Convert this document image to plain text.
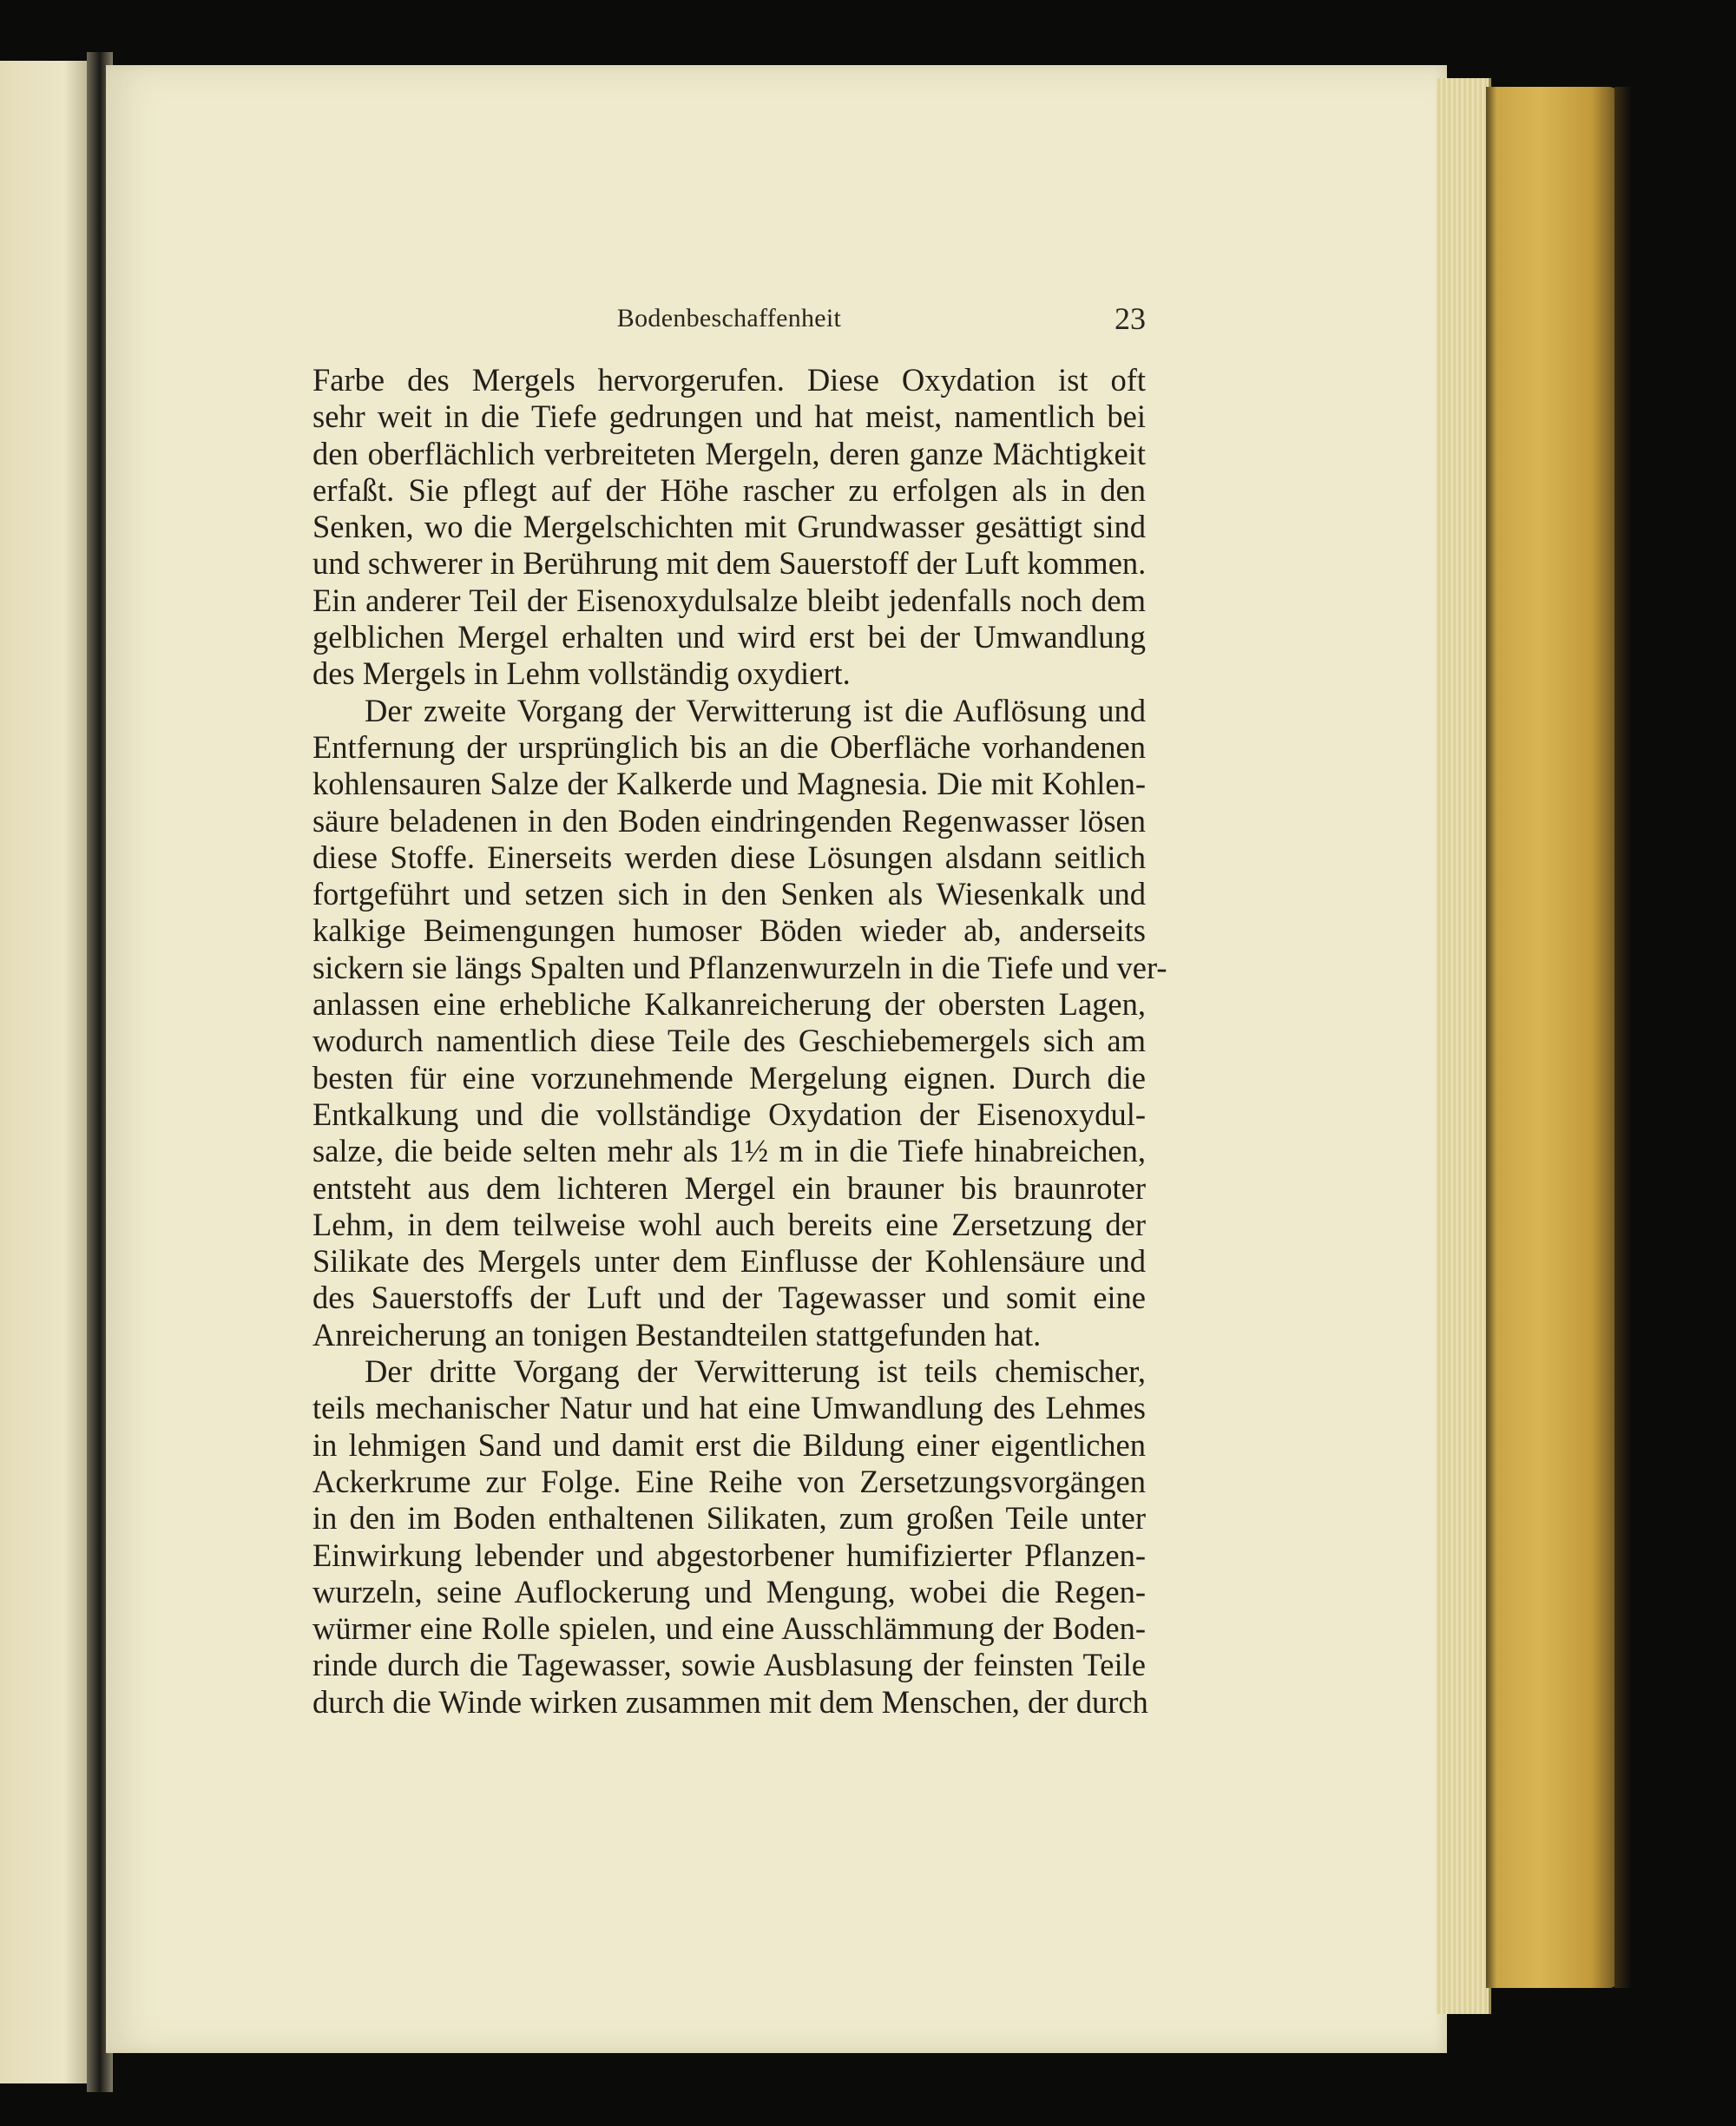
Bodenbeschaffenheit	23
Farbe des Mergels hervorgerufen. Diese Oxydation ist oft
sehr weit in die Tiefe gedrungen und hat meist, namentlich bei
den oberflächlich verbreiteten Mergeln, deren ganze Mächtigkeit
erfaßt. Sie pflegt auf der Höhe rascher zu erfolgen als in den
Senken, wo die Mergelschichten mit Grundwasser gesättigt sind
und schwerer in Berührung mit dem Sauerstoff der Luft kommen.
Ein anderer Teil der Eisenoxydulsalze bleibt jedenfalls noch dem
gelblichen Mergel erhalten und wird erst bei der Umwandlung
des Mergels in Lehm vollständig oxydiert.
Der zweite Vorgang der Verwitterung ist die Auflösung und
Entfernung der ursprünglich bis an die Oberfläche vorhandenen
kohlensauren Salze der Kalkerde und Magnesia. Die mit Kohlen-
säure beladenen in den Boden eindringenden Regenwasser lösen
diese Stoffe. Einerseits werden diese Lösungen alsdann seitlich
fortgeführt und setzen sich in den Senken als Wiesenkalk und
kalkige Beimengungen humoser Böden wieder ab, anderseits
sickern sie längs Spalten und Pflanzenwurzeln in die Tiefe und ver-
anlassen eine erhebliche Kalkanreicherung der obersten Lagen,
wodurch namentlich diese Teile des Geschiebemergels sich am
besten für eine vorzunehmende Mergelung eignen. Durch die
Entkalkung und die vollständige Oxydation der Eisenoxydul-
salze, die beide selten mehr als 1½ m in die Tiefe hinabreichen,
entsteht aus dem lichteren Mergel ein brauner bis braunroter
Lehm, in dem teilweise wohl auch bereits eine Zersetzung der
Silikate des Mergels unter dem Einflusse der Kohlensäure und
des Sauerstoffs der Luft und der Tagewasser und somit eine
Anreicherung an tonigen Bestandteilen stattgefunden hat.
Der dritte Vorgang der Verwitterung ist teils chemischer,
teils mechanischer Natur und hat eine Umwandlung des Lehmes
in lehmigen Sand und damit erst die Bildung einer eigentlichen
Ackerkrume zur Folge. Eine Reihe von Zersetzungsvorgängen
in den im Boden enthaltenen Silikaten, zum großen Teile unter
Einwirkung lebender und abgestorbener humifizierter Pflanzen-
wurzeln, seine Auflockerung und Mengung, wobei die Regen-
würmer eine Rolle spielen, und eine Ausschlämmung der Boden-
rinde durch die Tagewasser, sowie Ausblasung der feinsten Teile
durch die Winde wirken zusammen mit dem Menschen, der durch
